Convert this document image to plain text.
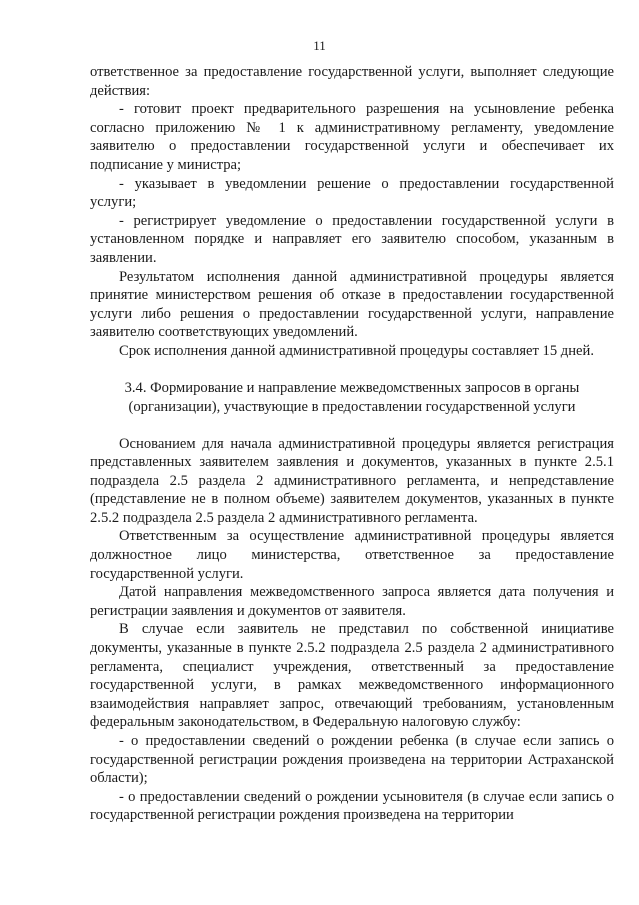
11

ответственное за предоставление государственной услуги, выполняет следующие действия:

- готовит проект предварительного разрешения на усыновление ребенка согласно приложению № 1 к административному регламенту, уведомление заявителю о предоставлении государственной услуги и обеспечивает их подписание у министра;

- указывает в уведомлении решение о предоставлении государственной услуги;

- регистрирует уведомление о предоставлении государственной услуги в установленном порядке и направляет его заявителю способом, указанным в заявлении.

Результатом исполнения данной административной процедуры является принятие министерством решения об отказе в предоставлении государственной услуги либо решения о предоставлении государственной услуги, направление заявителю соответствующих уведомлений.

Срок исполнения данной административной процедуры составляет 15 дней.

3.4. Формирование и направление межведомственных запросов в органы
(организации), участвующие в предоставлении государственной услуги

Основанием для начала административной процедуры является регистрация представленных заявителем заявления и документов, указанных в пункте 2.5.1 подраздела 2.5 раздела 2 административного регламента, и непредставление (представление не в полном объеме) заявителем документов, указанных в пункте 2.5.2 подраздела 2.5 раздела 2 административного регламента.

Ответственным за осуществление административной процедуры является должностное лицо министерства, ответственное за предоставление государственной услуги.

Датой направления межведомственного запроса является дата получения и регистрации заявления и документов от заявителя.

В случае если заявитель не представил по собственной инициативе документы, указанные в пункте 2.5.2 подраздела 2.5 раздела 2 административного регламента, специалист учреждения, ответственный за предоставление государственной услуги, в рамках межведомственного информационного взаимодействия направляет запрос, отвечающий требованиям, установленным федеральным законодательством, в Федеральную налоговую службу:

- о предоставлении сведений о рождении ребенка (в случае если запись о государственной регистрации рождения произведена на территории Астраханской области);

- о предоставлении сведений о рождении усыновителя (в случае если запись о государственной регистрации рождения произведена на территории
